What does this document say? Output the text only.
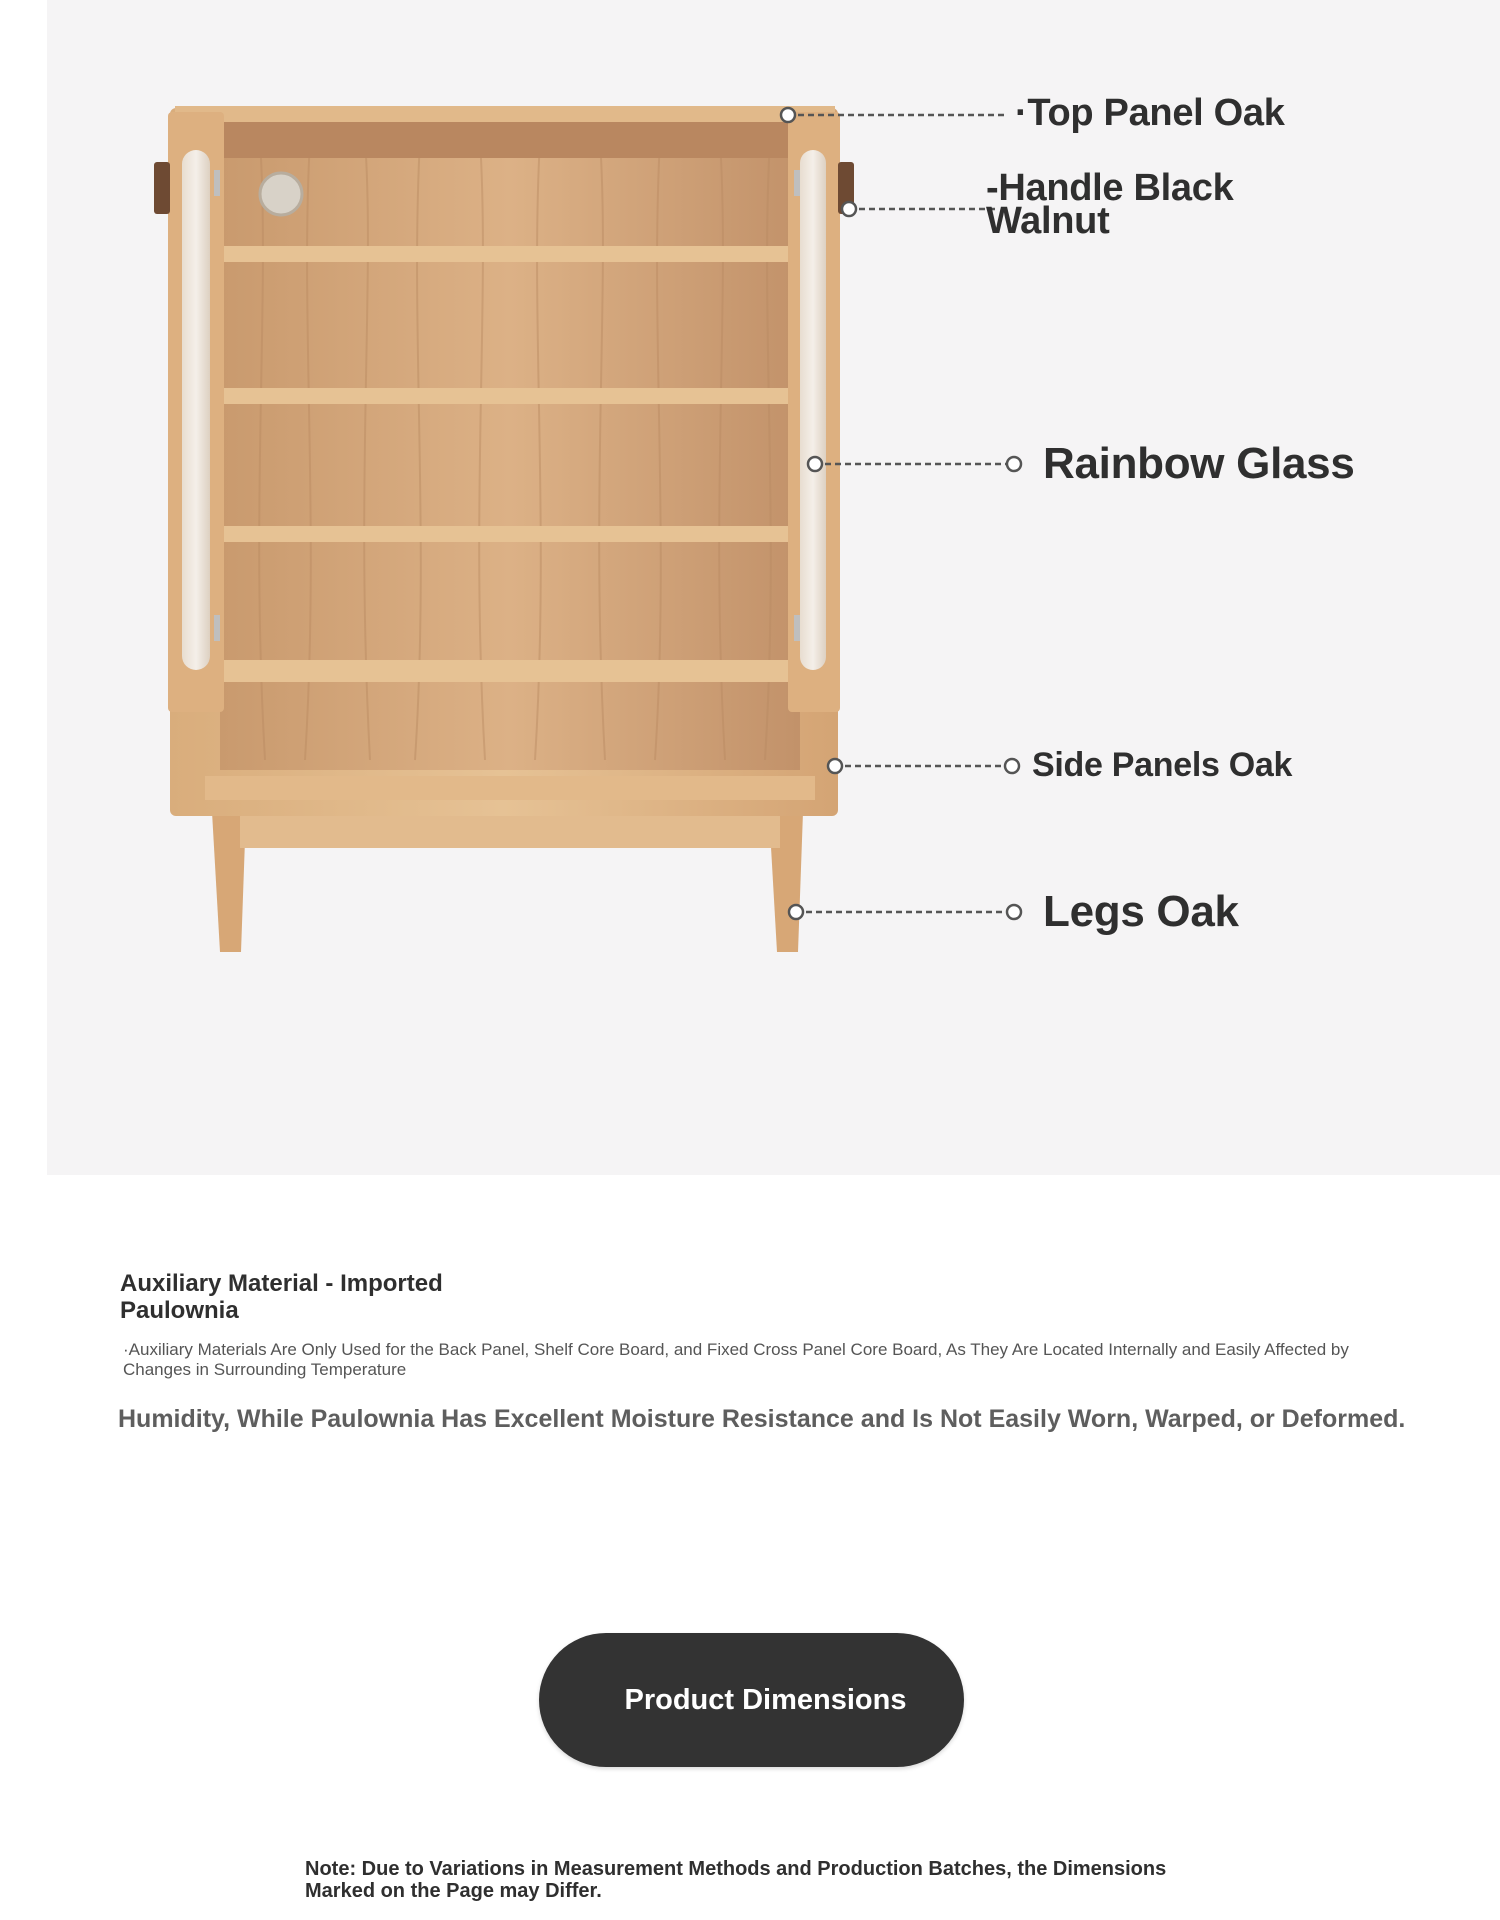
·Top Panel Oak
-Handle Black Walnut
Rainbow Glass
Side Panels Oak
Legs Oak
Auxiliary Material - Imported Paulownia
·Auxiliary Materials Are Only Used for the Back Panel, Shelf Core Board, and Fixed Cross Panel Core Board, As They Are Located Internally and Easily Affected by Changes in Surrounding Temperature
Humidity, While Paulownia Has Excellent Moisture Resistance and Is Not Easily Worn, Warped, or Deformed.
Product Dimensions
Note: Due to Variations in Measurement Methods and Production Batches, the Dimensions Marked on the Page may Differ.
